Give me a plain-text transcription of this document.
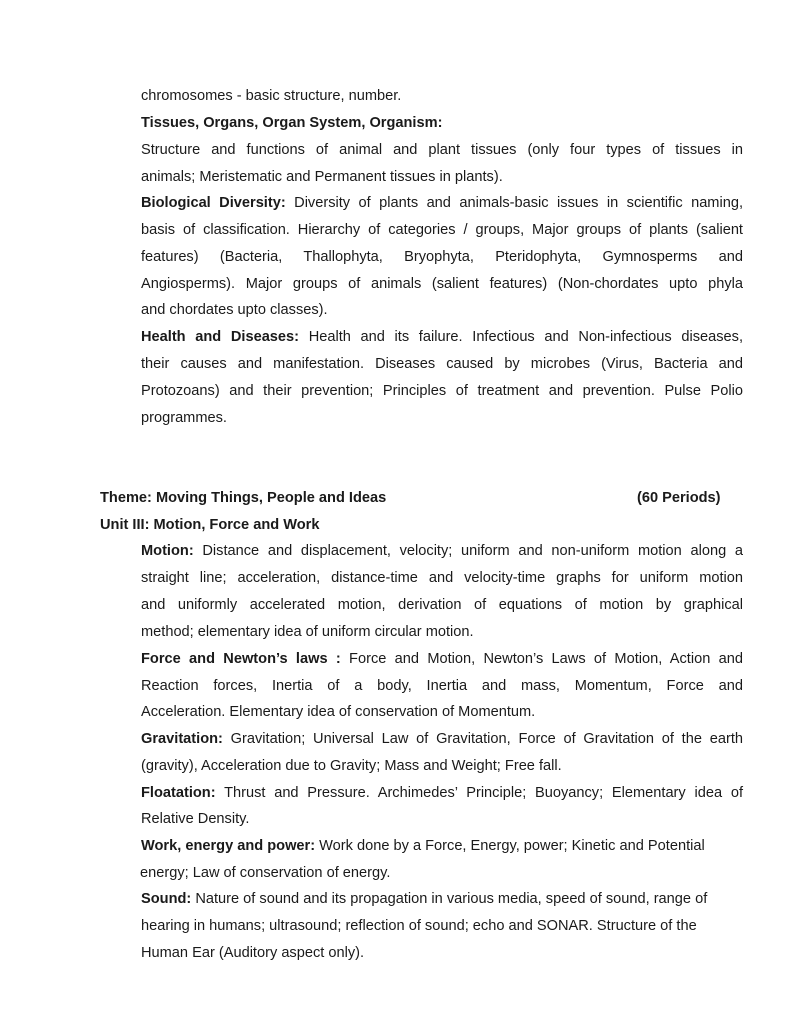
chromosomes - basic structure, number.
Tissues, Organs, Organ System, Organism:
Structure and functions of animal and plant tissues (only four types of tissues in
animals; Meristematic and Permanent tissues in plants).
Biological Diversity: Diversity of plants and animals-basic issues in scientific naming,
basis of classification. Hierarchy of categories / groups, Major groups of plants (salient
features) (Bacteria, Thallophyta, Bryophyta, Pteridophyta, Gymnosperms and
Angiosperms). Major groups of animals (salient features) (Non-chordates upto phyla
and chordates upto classes).
Health and Diseases: Health and its failure. Infectious and Non-infectious diseases,
their causes and manifestation. Diseases caused by microbes (Virus, Bacteria and
Protozoans) and their prevention; Principles of treatment and prevention. Pulse Polio
programmes.
Theme: Moving Things, People and Ideas	(60 Periods)
Unit III: Motion, Force and Work
Motion: Distance and displacement, velocity; uniform and non-uniform motion along a
straight line; acceleration, distance-time and velocity-time graphs for uniform motion
and uniformly accelerated motion, derivation of equations of motion by graphical
method; elementary idea of uniform circular motion.
Force and Newton’s laws : Force and Motion, Newton’s Laws of Motion, Action and
Reaction forces, Inertia of a body, Inertia and mass, Momentum, Force and
Acceleration. Elementary idea of conservation of Momentum.
Gravitation: Gravitation; Universal Law of Gravitation, Force of Gravitation of the earth
(gravity), Acceleration due to Gravity; Mass and Weight; Free fall.
Floatation: Thrust and Pressure. Archimedes’ Principle; Buoyancy; Elementary idea of
Relative Density.
Work, energy and power: Work done by a Force, Energy, power; Kinetic and Potential
energy; Law of conservation of energy.
Sound: Nature of sound and its propagation in various media, speed of sound, range of
hearing in humans; ultrasound; reflection of sound; echo and SONAR. Structure of the
Human Ear (Auditory aspect only).
